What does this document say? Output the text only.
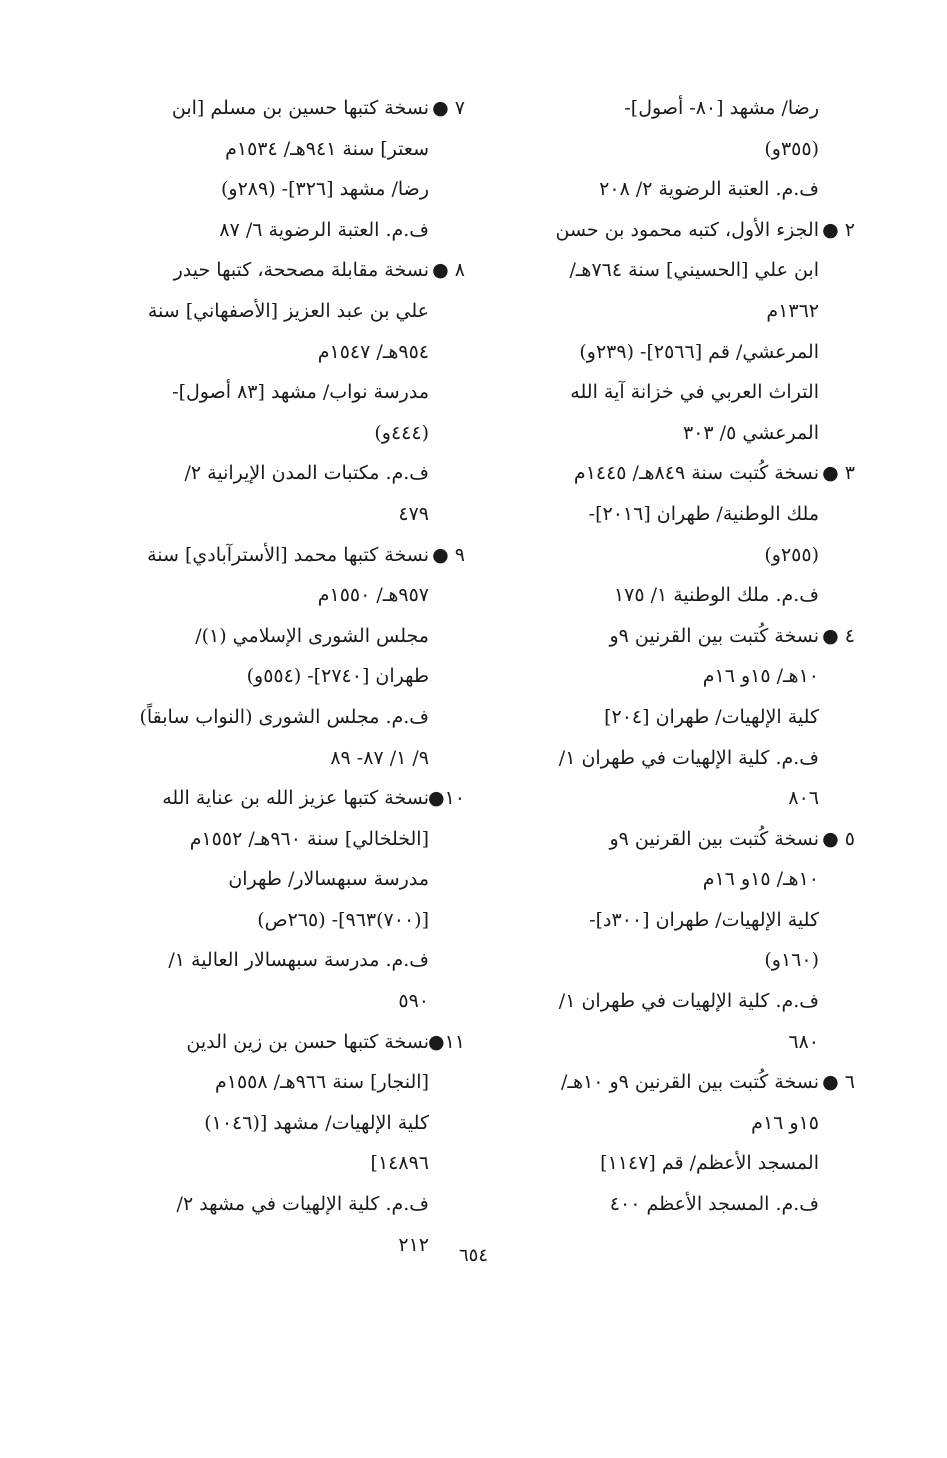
رضا/ مشهد [٨٠- أصول]-
(٣٥٥و)
ف.م. العتبة الرضوية ٢/ ٢٠٨
٢ ●
الجزء الأول، كتبه محمود بن حسن
ابن علي [الحسيني] سنة ٧٦٤هـ/
١٣٦٢م
المرعشي/ قم [٢٥٦٦]- (٢٣٩و)
التراث العربي في خزانة آية الله
المرعشي ٥/ ٣٠٣
٣ ●
نسخة كُتبت سنة ٨٤٩هـ/ ١٤٤٥م
ملك الوطنية/ طهران [٢٠١٦]-
(٢٥٥و)
ف.م. ملك الوطنية ١/ ١٧٥
٤ ●
نسخة كُتبت بين القرنين ٩و
١٠هـ/ ١٥و ١٦م
كلية الإلهيات/ طهران [٢٠٤]
ف.م. كلية الإلهيات في طهران ١/
٨٠٦
٥ ●
نسخة كُتبت بين القرنين ٩و
١٠هـ/ ١٥و ١٦م
كلية الإلهيات/ طهران [٣٠٠د]-
(١٦٠و)
ف.م. كلية الإلهيات في طهران ١/
٦٨٠
٦ ●
نسخة كُتبت بين القرنين ٩و ١٠هـ/
١٥و ١٦م
المسجد الأعظم/ قم [١١٤٧]
ف.م. المسجد الأعظم ٤٠٠
٧ ●
نسخة كتبها حسين بن مسلم [ابن
سعتر] سنة ٩٤١هـ/ ١٥٣٤م
رضا/ مشهد [٣٢٦]- (٢٨٩و)
ف.م. العتبة الرضوية ٦/ ٨٧
٨ ●
نسخة مقابلة مصححة، كتبها حيدر
علي بن عبد العزيز [الأصفهاني] سنة
٩٥٤هـ/ ١٥٤٧م
مدرسة نواب/ مشهد [٨٣ أصول]-
(٤٤٤و)
ف.م. مكتبات المدن الإيرانية ٢/
٤٧٩
٩ ●
نسخة كتبها محمد [الأسترآبادي] سنة
٩٥٧هـ/ ١٥٥٠م
مجلس الشورى الإسلامي (١)/
طهران [٢٧٤٠]- (٥٥٤و)
ف.م. مجلس الشورى (النواب سابقاً)
٩/ ١/ ٨٧- ٨٩
١٠●
نسخة كتبها عزيز الله بن عناية الله
[الخلخالي] سنة ٩٦٠هـ/ ١٥٥٢م
مدرسة سبهسالار/ طهران
[(٧٠٠)٩٦٣]- (٢٦٥ص)
ف.م. مدرسة سبهسالار العالية ١/
٥٩٠
١١●
نسخة كتبها حسن بن زين الدين
[النجار] سنة ٩٦٦هـ/ ١٥٥٨م
كلية الإلهيات/ مشهد [(١٠٤٦)
١٤٨٩٦]
ف.م. كلية الإلهيات في مشهد ٢/
٢١٢	٦٥٤
